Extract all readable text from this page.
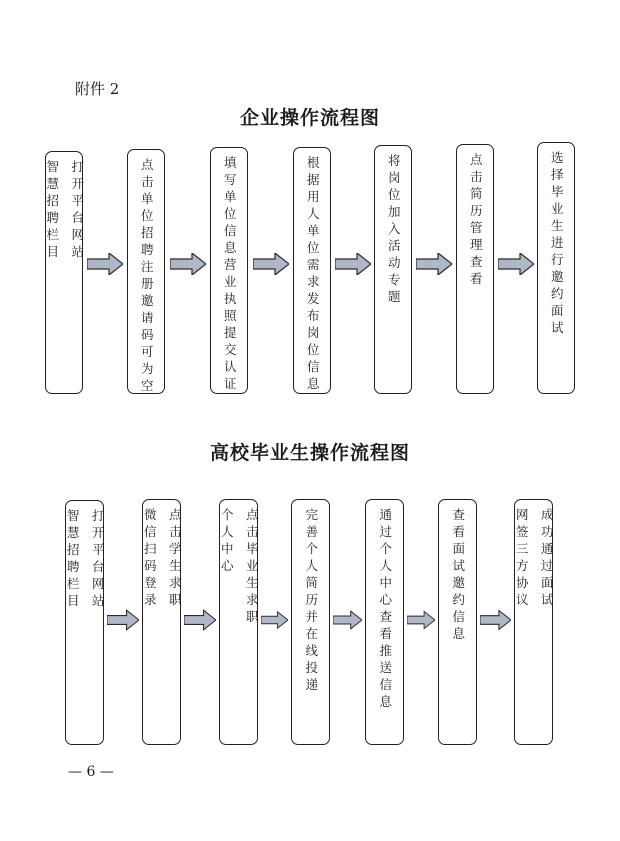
附件 2
企业操作流程图
高校毕业生操作流程图
打开平台网站

智慧招聘栏目	点击单位招聘注册邀请码可为空	填写单位信息营业执照提交认证	根据用人单位需求发布岗位信息	将岗位加入活动专题	点击简历管理查看	选择毕业生进行邀约面试
打开平台网站

智慧招聘栏目	点击学生求职

微信扫码登录	点击毕业生求职

个人中心	完善个人简历并在线投递	通过个人中心查看推送信息	查看面试邀约信息	成功通过面试

网签三方协议
— 6 —
